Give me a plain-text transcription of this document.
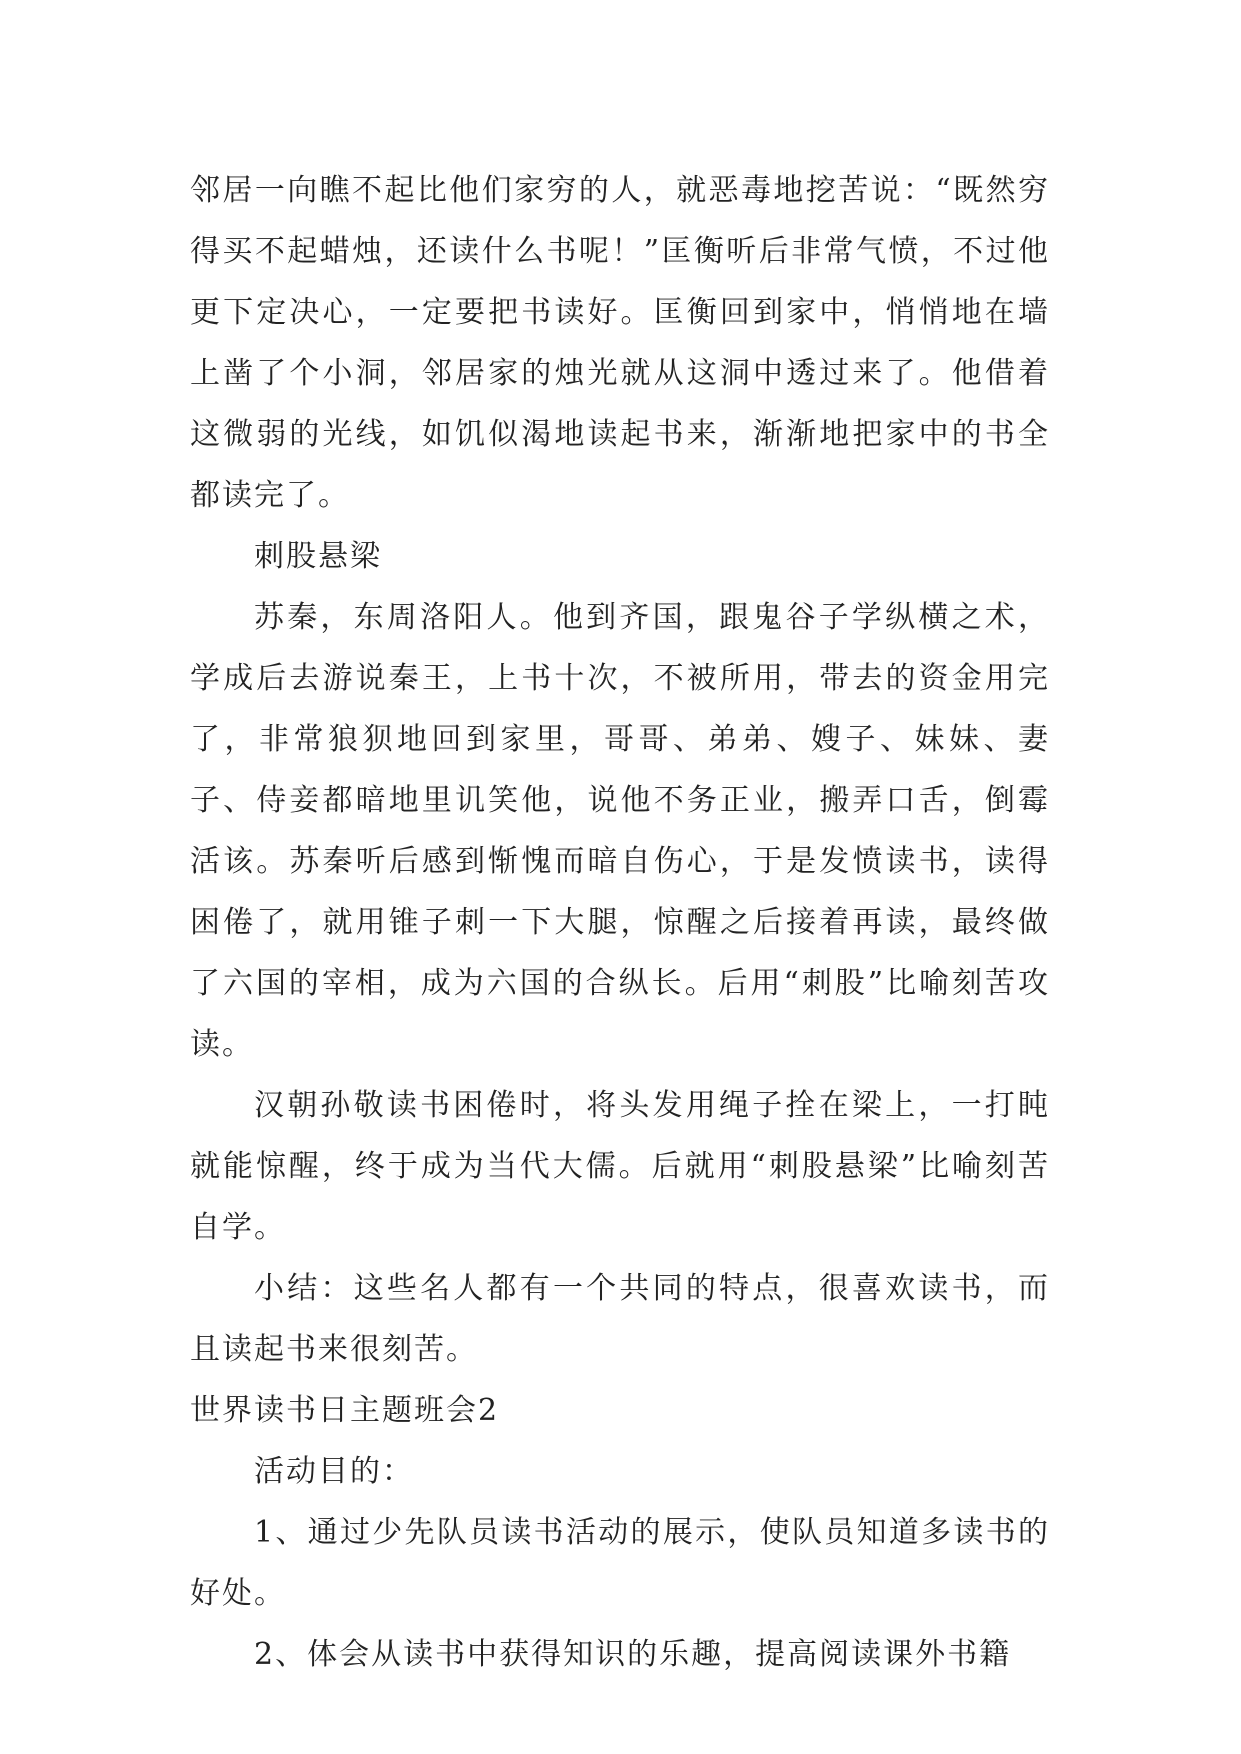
邻居一向瞧不起比他们家穷的人，就恶毒地挖苦说：“既然穷得买不起蜡烛，还读什么书呢！”匡衡听后非常气愤，不过他更下定决心，一定要把书读好。匡衡回到家中，悄悄地在墙上凿了个小洞，邻居家的烛光就从这洞中透过来了。他借着这微弱的光线，如饥似渴地读起书来，渐渐地把家中的书全都读完了。

刺股悬梁

苏秦，东周洛阳人。他到齐国，跟鬼谷子学纵横之术，学成后去游说秦王，上书十次，不被所用，带去的资金用完了，非常狼狈地回到家里，哥哥、弟弟、嫂子、妹妹、妻子、侍妾都暗地里讥笑他，说他不务正业，搬弄口舌，倒霉活该。苏秦听后感到惭愧而暗自伤心，于是发愤读书，读得困倦了，就用锥子刺一下大腿，惊醒之后接着再读，最终做了六国的宰相，成为六国的合纵长。后用“刺股”比喻刻苦攻读。

汉朝孙敬读书困倦时，将头发用绳子拴在梁上，一打盹就能惊醒，终于成为当代大儒。后就用“刺股悬梁”比喻刻苦自学。

小结：这些名人都有一个共同的特点，很喜欢读书，而且读起书来很刻苦。

世界读书日主题班会2

活动目的：

1、通过少先队员读书活动的展示，使队员知道多读书的好处。

2、体会从读书中获得知识的乐趣，提高阅读课外书籍
